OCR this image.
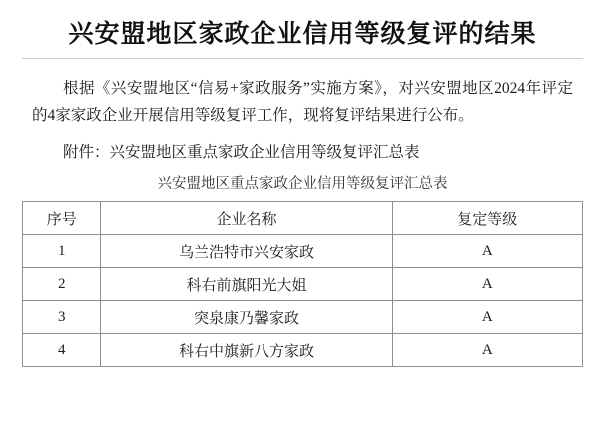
兴安盟地区家政企业信用等级复评的结果

根据《兴安盟地区“信易+家政服务”实施方案》，对兴安盟地区2024年评定的4家家政企业开展信用等级复评工作，现将复评结果进行公布。

附件：兴安盟地区重点家政企业信用等级复评汇总表

兴安盟地区重点家政企业信用等级复评汇总表
序号	企业名称	复定等级
1	乌兰浩特市兴安家政	A
2	科右前旗阳光大姐	A
3	突泉康乃馨家政	A
4	科右中旗新八方家政	A
